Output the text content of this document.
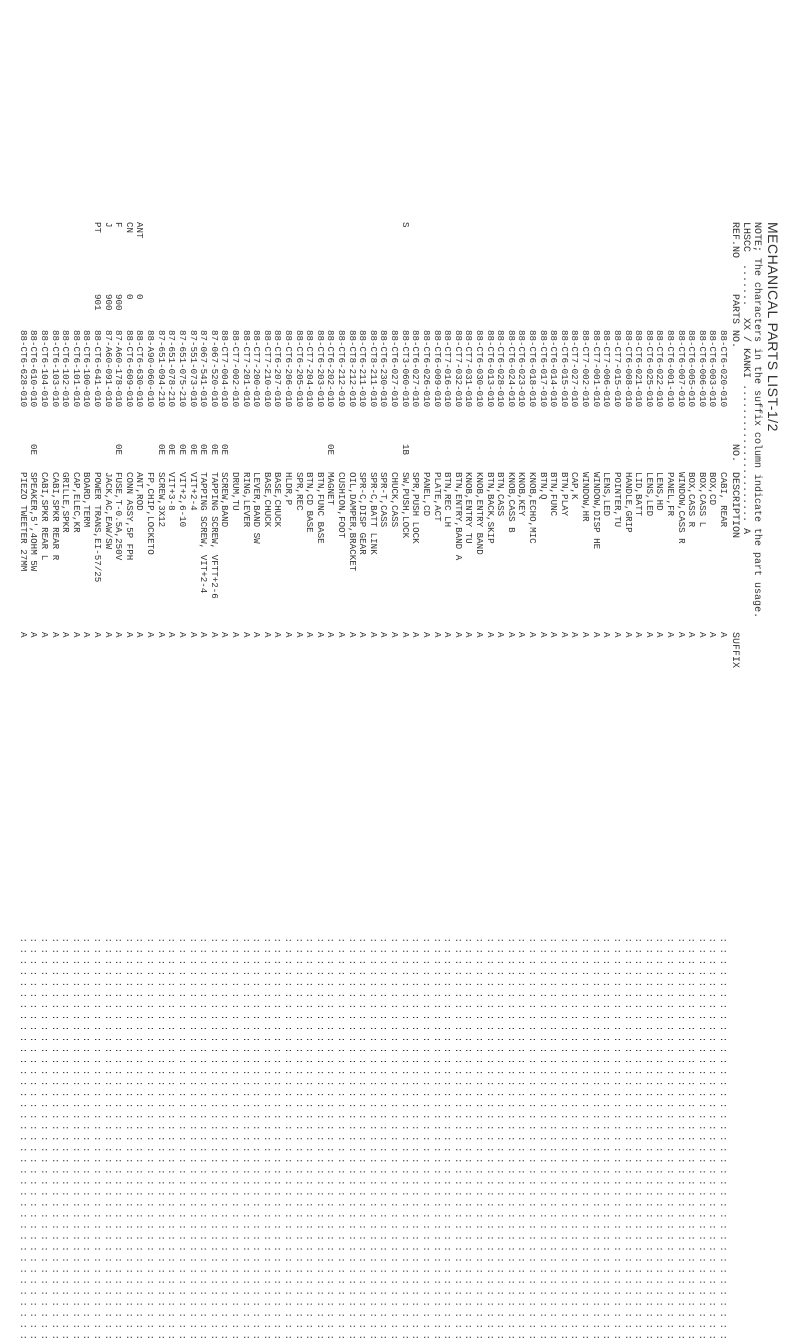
MECHANICAL PARTS LIST-1/2
NOTE; The characters in the suffix column indicate the part usage.
LHSCC  .......  XX / KANKI ....................... A
REF.NOPARTS NO.NO.DESCRIPTIONSUFFIX
88-CT6-020-010
CABI, REAR
A
: : : : : : : : : : : : : : : : : : : : : : : : : : : : : : : : : : : : :
88-CT6-003-010
BOX,CD
A
: : : : : : : : : : : : : : : : : : : : : : : : : : : : : : : : : : : : :
88-CT6-006-010
BOX,CASS L
A
: : : : : : : : : : : : : : : : : : : : : : : : : : : : : : : : : : : : :
88-CT6-005-010
BOX,CASS R
A
: : : : : : : : : : : : : : : : : : : : : : : : : : : : : : : : : : : : :
88-CT6-007-010
WINDOW,CASS R
A
: : : : : : : : : : : : : : : : : : : : : : : : : : : : : : : : : : : : :
88-CT6-001-010
PANEL,FR
A
: : : : : : : : : : : : : : : : : : : : : : : : : : : : : : : : : : : : :
88-CT6-022-010
LENS,HD
A
: : : : : : : : : : : : : : : : : : : : : : : : : : : : : : : : : : : : :
88-CT6-025-010
LENS,LED
A
: : : : : : : : : : : : : : : : : : : : : : : : : : : : : : : : : : : : :
88-CT6-021-010
LID,BATT
A
: : : : : : : : : : : : : : : : : : : : : : : : : : : : : : : : : : : : :
88-CT6-008-010
HANDLE,GRIP
A
: : : : : : : : : : : : : : : : : : : : : : : : : : : : : : : : : : : : :
88-CT7-015-010
POINTER,TU
A
: : : : : : : : : : : : : : : : : : : : : : : : : : : : : : : : : : : : :
88-CT7-006-010
LENS,LED
A
: : : : : : : : : : : : : : : : : : : : : : : : : : : : : : : : : : : : :
88-CT7-001-010
WINDOW,DISP HE
A
: : : : : : : : : : : : : : : : : : : : : : : : : : : : : : : : : : : : :
88-CT7-002-010
WINDOW,HR
A
: : : : : : : : : : : : : : : : : : : : : : : : : : : : : : : : : : : : :
88-CT7-027-010
CAP,K
A
: : : : : : : : : : : : : : : : : : : : : : : : : : : : : : : : : : : : :
88-CT6-015-010
BTN,PLAY
A
: : : : : : : : : : : : : : : : : : : : : : : : : : : : : : : : : : : : :
88-CT6-014-010
BTN,FUNC
A
: : : : : : : : : : : : : : : : : : : : : : : : : : : : : : : : : : : : :
88-CT6-017-010
BTN,Q
A
: : : : : : : : : : : : : : : : : : : : : : : : : : : : : : : : : : : : :
88-CT6-018-010
KNOB,ECHO,MIC
A
: : : : : : : : : : : : : : : : : : : : : : : : : : : : : : : : : : : : :
88-CT6-023-010
KNOB,KEY
A
: : : : : : : : : : : : : : : : : : : : : : : : : : : : : : : : : : : : :
88-CT6-024-010
KNOB,CASS B
A
: : : : : : : : : : : : : : : : : : : : : : : : : : : : : : : : : : : : :
88-CT6-028-010
BTN,CASS
A
: : : : : : : : : : : : : : : : : : : : : : : : : : : : : : : : : : : : :
88-CT6-013-010
BTN,BACK,SKIP
A
: : : : : : : : : : : : : : : : : : : : : : : : : : : : : : : : : : : : :
88-CT6-030-010
KNOB,ENTRY BAND
A
: : : : : : : : : : : : : : : : : : : : : : : : : : : : : : : : : : : : :
88-CT7-031-010
KNOB,ENTRY TU
A
: : : : : : : : : : : : : : : : : : : : : : : : : : : : : : : : : : : : :
88-CT7-032-010
BTN,ENTRY,BAND A
A
: : : : : : : : : : : : : : : : : : : : : : : : : : : : : : : : : : : : :
88-CT7-016-010
BTN,REC LH
A
: : : : : : : : : : : : : : : : : : : : : : : : : : : : : : : : : : : : :
88-CT6-009-010
PLATE,ACT
A
: : : : : : : : : : : : : : : : : : : : : : : : : : : : : : : : : : : : :
88-CT6-026-010
PANEL,CD
A
: : : : : : : : : : : : : : : : : : : : : : : : : : : : : : : : : : : : :
88-CT6-027-010
SPR,PUSH LOCK
A
: : : : : : : : : : : : : : : : : : : : : : : : : : : : : : : : : : : : :
S
88-CT3-060-010
1B
SW,PUSH,LOCK
A
: : : : : : : : : : : : : : : : : : : : : : : : : : : : : : : : : : : : :
88-CT6-027-010
CHUCK,CASS
A
: : : : : : : : : : : : : : : : : : : : : : : : : : : : : : : : : : : : :
88-CT6-230-010
SPR-T,CASS
A
: : : : : : : : : : : : : : : : : : : : : : : : : : : : : : : : : : : : :
88-CT8-211-010
SPR-C,BATT LINK
A
: : : : : : : : : : : : : : : : : : : : : : : : : : : : : : : : : : : : :
88-CT6-211-010
SPR-C,DISP GEAR
A
: : : : : : : : : : : : : : : : : : : : : : : : : : : : : : : : : : : : :
88-CT8-212-010
OIL,DAMPER,BRACKET
A
: : : : : : : : : : : : : : : : : : : : : : : : : : : : : : : : : : : : :
88-CT6-212-010
CUSHION,FOOT
A
: : : : : : : : : : : : : : : : : : : : : : : : : : : : : : : : : : : : :
88-CT6-202-010
0E
MAGNET
A
: : : : : : : : : : : : : : : : : : : : : : : : : : : : : : : : : : : : :
88-CT6-203-010
BTN,FUNC BASE
A
: : : : : : : : : : : : : : : : : : : : : : : : : : : : : : : : : : : : :
88-CT7-204-010
BTN,CD BASE
A
: : : : : : : : : : : : : : : : : : : : : : : : : : : : : : : : : : : : :
88-CT6-205-010
SPR,REC
A
: : : : : : : : : : : : : : : : : : : : : : : : : : : : : : : : : : : : :
88-CT6-206-010
HLDR,P
A
: : : : : : : : : : : : : : : : : : : : : : : : : : : : : : : : : : : : :
88-CT6-207-010
BASE,CHUCK
A
: : : : : : : : : : : : : : : : : : : : : : : : : : : : : : : : : : : : :
88-CT7-210-010
BASE,CHUCK
A
: : : : : : : : : : : : : : : : : : : : : : : : : : : : : : : : : : : : :
88-CT7-200-010
LEVER,BAND SW
A
: : : : : : : : : : : : : : : : : : : : : : : : : : : : : : : : : : : : :
88-CT7-201-010
RING,LEVER
A
: : : : : : : : : : : : : : : : : : : : : : : : : : : : : : : : : : : : :
88-CT7-002-010
DRUM,TU
A
: : : : : : : : : : : : : : : : : : : : : : : : : : : : : : : : : : : : :
88-CT7-004-010
0E
SCREW,BAND
A
: : : : : : : : : : : : : : : : : : : : : : : : : : : : : : : : : : : : :
87-067-520-010
0E
TAPPING SCREW, VFTT+2-6
A
: : : : : : : : : : : : : : : : : : : : : : : : : : : : : : : : : : : : :
87-067-541-010
0E
TAPPING SCREW, VIT+2-4
A
: : : : : : : : : : : : : : : : : : : : : : : : : : : : : : : : : : : : :
87-551-073-010
0E
VIT+2-4
A
: : : : : : : : : : : : : : : : : : : : : : : : : : : : : : : : : : : : :
87-651-075-210
0E
VIT+2,6-10
A
: : : : : : : : : : : : : : : : : : : : : : : : : : : : : : : : : : : : :
87-651-078-210
0E
VIT+3-8
A
: : : : : : : : : : : : : : : : : : : : : : : : : : : : : : : : : : : : :
87-651-094-210
0E
SCREW,3X12
A
: : : : : : : : : : : : : : : : : : : : : : : : : : : : : : : : : : : : :
88-A90-060-010
FP,CHIP,LOCKETO
A
: : : : : : : : : : : : : : : : : : : : : : : : : : : : : : : : : : : : :
ANT
0
88-CT6-630-010
ANT,ROD
A
: : : : : : : : : : : : : : : : : : : : : : : : : : : : : : : : : : : : :
CN
0
88-CT6-609-010
CONN ASSY,5P FPH
A
: : : : : : : : : : : : : : : : : : : : : : : : : : : : : : : : : : : : :
F
900
87-A60-178-010
0E
FUSE,T-0.5A,250V
A
: : : : : : : : : : : : : : : : : : : : : : : : : : : : : : : : : : : : :
J
900
87-A60-091-010
JACK,AC,EAW/SW
A
: : : : : : : : : : : : : : : : : : : : : : : : : : : : : : : : : : : : :
PT
901
88-CT6-641-010
POWER TRANS,EI-57/25
A
: : : : : : : : : : : : : : : : : : : : : : : : : : : : : : : : : : : : :
88-CT6-100-010
BOARD,TERM
A
: : : : : : : : : : : : : : : : : : : : : : : : : : : : : : : : : : : : :
88-CT6-101-010
CAP,ELEC,KR
A
: : : : : : : : : : : : : : : : : : : : : : : : : : : : : : : : : : : : :
88-CT6-102-010
GRILLE,SPKR
A
: : : : : : : : : : : : : : : : : : : : : : : : : : : : : : : : : : : : :
88-CT6-103-010
CABI,SPKR REAR R
A
: : : : : : : : : : : : : : : : : : : : : : : : : : : : : : : : : : : : :
88-CT6-104-010
CABI,SPKR REAR L
A
: : : : : : : : : : : : : : : : : : : : : : : : : : : : : : : : : : : : :
88-CT6-610-010
0E
SPEAKER,5',4OHM 5W
A
: : : : : : : : : : : : : : : : : : : : : : : : : : : : : : : : : : : : :
88-CT6-628-010
PIEZO TWEETER 27MM
A
: : : : : : : : : : : : : : : : : : : : : : : : : : : : : : : : : : : : :
